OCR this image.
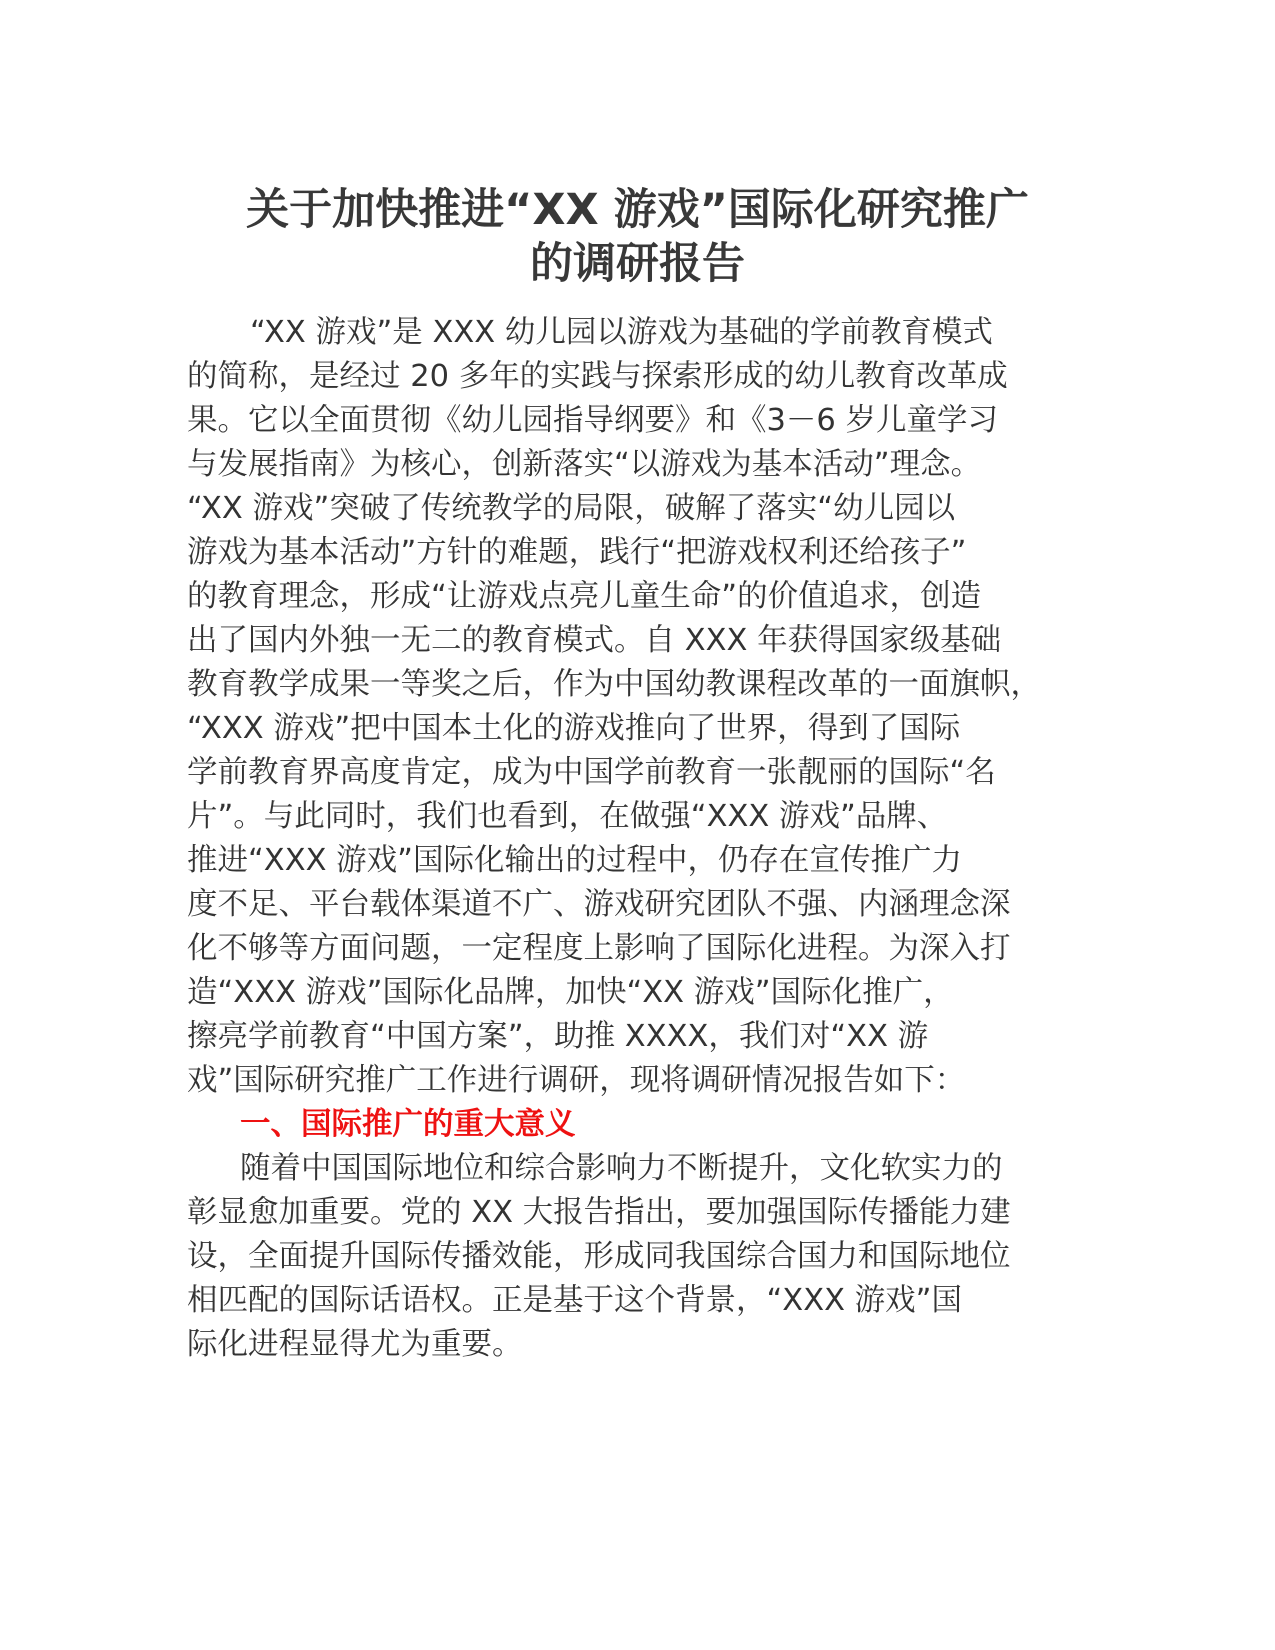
关于加快推进“XX 游戏”国际化研究推广
的调研报告

“XX 游戏”是 XXX 幼儿园以游戏为基础的学前教育模式

的简称，是经过 20 多年的实践与探索形成的幼儿教育改革成

果。它以全面贯彻《幼儿园指导纲要》和《3－6 岁儿童学习

与发展指南》为核心，创新落实“以游戏为基本活动”理念。

“XX 游戏”突破了传统教学的局限，破解了落实“幼儿园以

游戏为基本活动”方针的难题，践行“把游戏权利还给孩子”

的教育理念，形成“让游戏点亮儿童生命”的价值追求，创造

出了国内外独一无二的教育模式。自 XXX 年获得国家级基础

教育教学成果一等奖之后，作为中国幼教课程改革的一面旗帜，

“XXX 游戏”把中国本土化的游戏推向了世界，得到了国际

学前教育界高度肯定，成为中国学前教育一张靓丽的国际“名

片”。与此同时，我们也看到，在做强“XXX 游戏”品牌、

推进“XXX 游戏”国际化输出的过程中，仍存在宣传推广力

度不足、平台载体渠道不广、游戏研究团队不强、内涵理念深

化不够等方面问题，一定程度上影响了国际化进程。为深入打

造“XXX 游戏”国际化品牌，加快“XX 游戏”国际化推广，

擦亮学前教育“中国方案”，助推 XXXX，我们对“XX 游

戏”国际研究推广工作进行调研，现将调研情况报告如下：

一、国际推广的重大意义

随着中国国际地位和综合影响力不断提升，文化软实力的

彰显愈加重要。党的 XX 大报告指出，要加强国际传播能力建

设，全面提升国际传播效能，形成同我国综合国力和国际地位

相匹配的国际话语权。正是基于这个背景，“XXX 游戏”国

际化进程显得尤为重要。
